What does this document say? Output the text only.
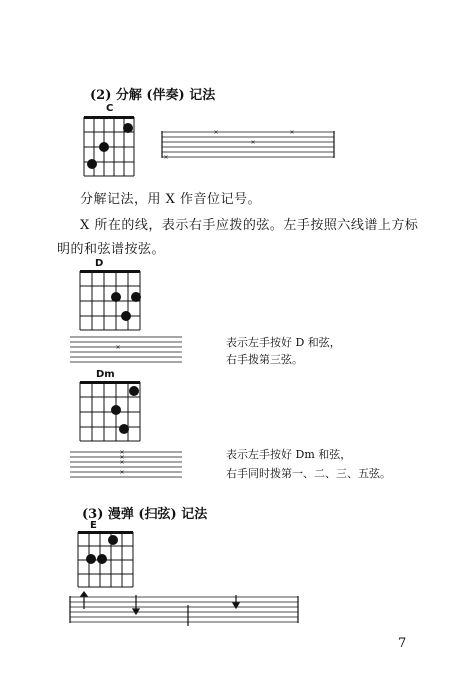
(2) 分解 (伴奏) 记法
C
×
×
×
×
分解记法，用 X 作音位记号。
X 所在的线，表示右手应拨的弦。左手按照六线谱上方标
明的和弦谱按弦。
D
×	表示左手按好 D 和弦，
右手拨第三弦。
Dm
×
×
×
×
表示左手按好 Dm 和弦，
右手同时拨第一、二、三、五弦。
(3) 漫弹 (扫弦) 记法
E
7
